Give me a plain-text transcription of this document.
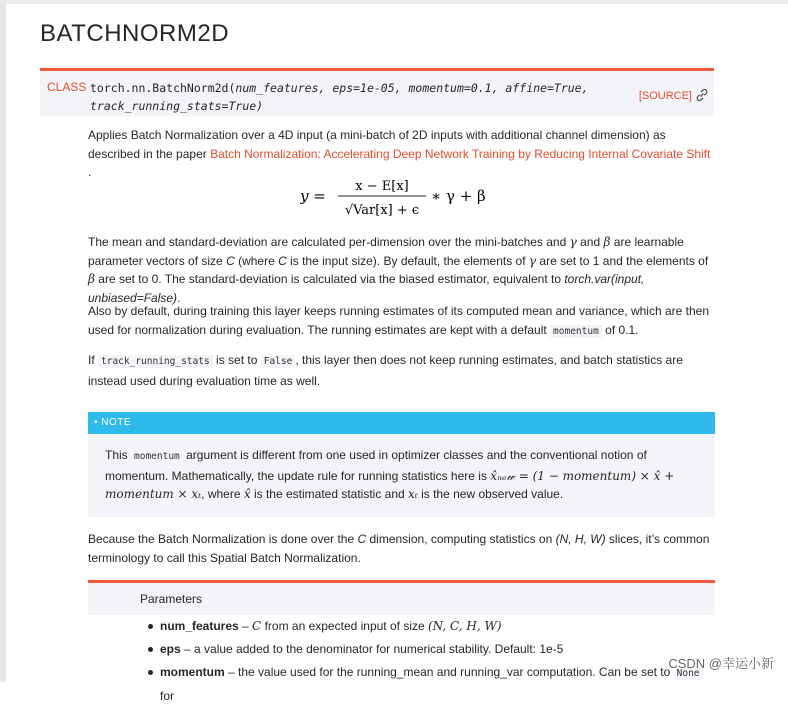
BATCHNORM2D
CLASS torch.nn.BatchNorm2d(num_features, eps=1e-05, momentum=0.1, affine=True,
track_running_stats=True)
[SOURCE]
Applies Batch Normalization over a 4D input (a mini-batch of 2D inputs with additional channel dimension) as described in the paper Batch Normalization: Accelerating Deep Network Training by Reducing Internal Covariate Shift .
y =
x − E[x]
√Var[x] + ϵ
∗ γ + β
The mean and standard-deviation are calculated per-dimension over the mini-batches and γ and β are learnable parameter vectors of size C (where C is the input size). By default, the elements of γ are set to 1 and the elements of β are set to 0. The standard-deviation is calculated via the biased estimator, equivalent to torch.var(input, unbiased=False).
Also by default, during training this layer keeps running estimates of its computed mean and variance, which are then used for normalization during evaluation. The running estimates are kept with a default momentum of 0.1.
If track_running_stats is set to False , this layer then does not keep running estimates, and batch statistics are instead used during evaluation time as well.
• NOTE
This momentum argument is different from one used in optimizer classes and the conventional notion of momentum. Mathematically, the update rule for running statistics here is x̂ₙₑ𝓌 = (1 − momentum) × x̂ + momentum × xₜ, where x̂ is the estimated statistic and xₜ is the new observed value.
Because the Batch Normalization is done over the C dimension, computing statistics on (N, H, W) slices, it’s common terminology to call this Spatial Batch Normalization.
Parameters
num_features – C from an expected input of size (N, C, H, W)
eps – a value added to the denominator for numerical stability. Default: 1e-5
momentum – the value used for the running_mean and running_var computation. Can be set to None for
CSDN @幸运小新
